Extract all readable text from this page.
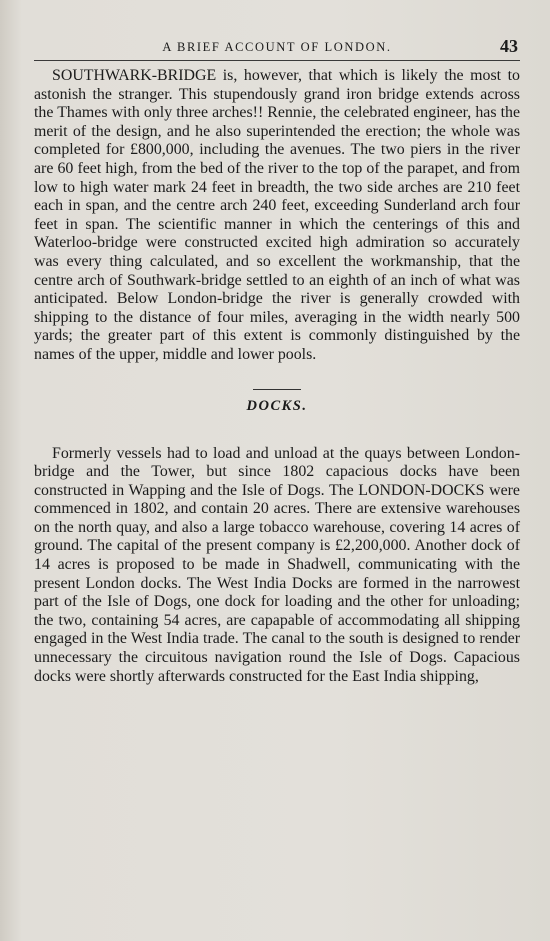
A BRIEF ACCOUNT OF LONDON.	43

SOUTHWARK-BRIDGE is, however, that which is likely the most to astonish the stranger. This stupendously grand iron bridge extends across the Thames with only three arches!! Rennie, the celebrated engineer, has the merit of the design, and he also superintended the erection; the whole was completed for £800,000, including the avenues. The two piers in the river are 60 feet high, from the bed of the river to the top of the parapet, and from low to high water mark 24 feet in breadth, the two side arches are 210 feet each in span, and the centre arch 240 feet, exceeding Sunderland arch four feet in span. The scientific manner in which the centerings of this and Waterloo-bridge were constructed excited high admiration so accurately was every thing calculated, and so excellent the workmanship, that the centre arch of Southwark-bridge settled to an eighth of an inch of what was anticipated. Below London-bridge the river is generally crowded with shipping to the distance of four miles, averaging in the width nearly 500 yards; the greater part of this extent is commonly distinguished by the names of the upper, middle and lower pools.

DOCKS.

Formerly vessels had to load and unload at the quays between London-bridge and the Tower, but since 1802 capacious docks have been constructed in Wapping and the Isle of Dogs. The LONDON-DOCKS were commenced in 1802, and contain 20 acres. There are extensive warehouses on the north quay, and also a large tobacco warehouse, covering 14 acres of ground. The capital of the present company is £2,200,000. Another dock of 14 acres is proposed to be made in Shadwell, communicating with the present London docks. The West India Docks are formed in the narrowest part of the Isle of Dogs, one dock for loading and the other for unloading; the two, containing 54 acres, are capapable of accommodating all shipping engaged in the West India trade. The canal to the south is designed to render unnecessary the circuitous navigation round the Isle of Dogs. Capacious docks were shortly afterwards constructed for the East India shipping,
